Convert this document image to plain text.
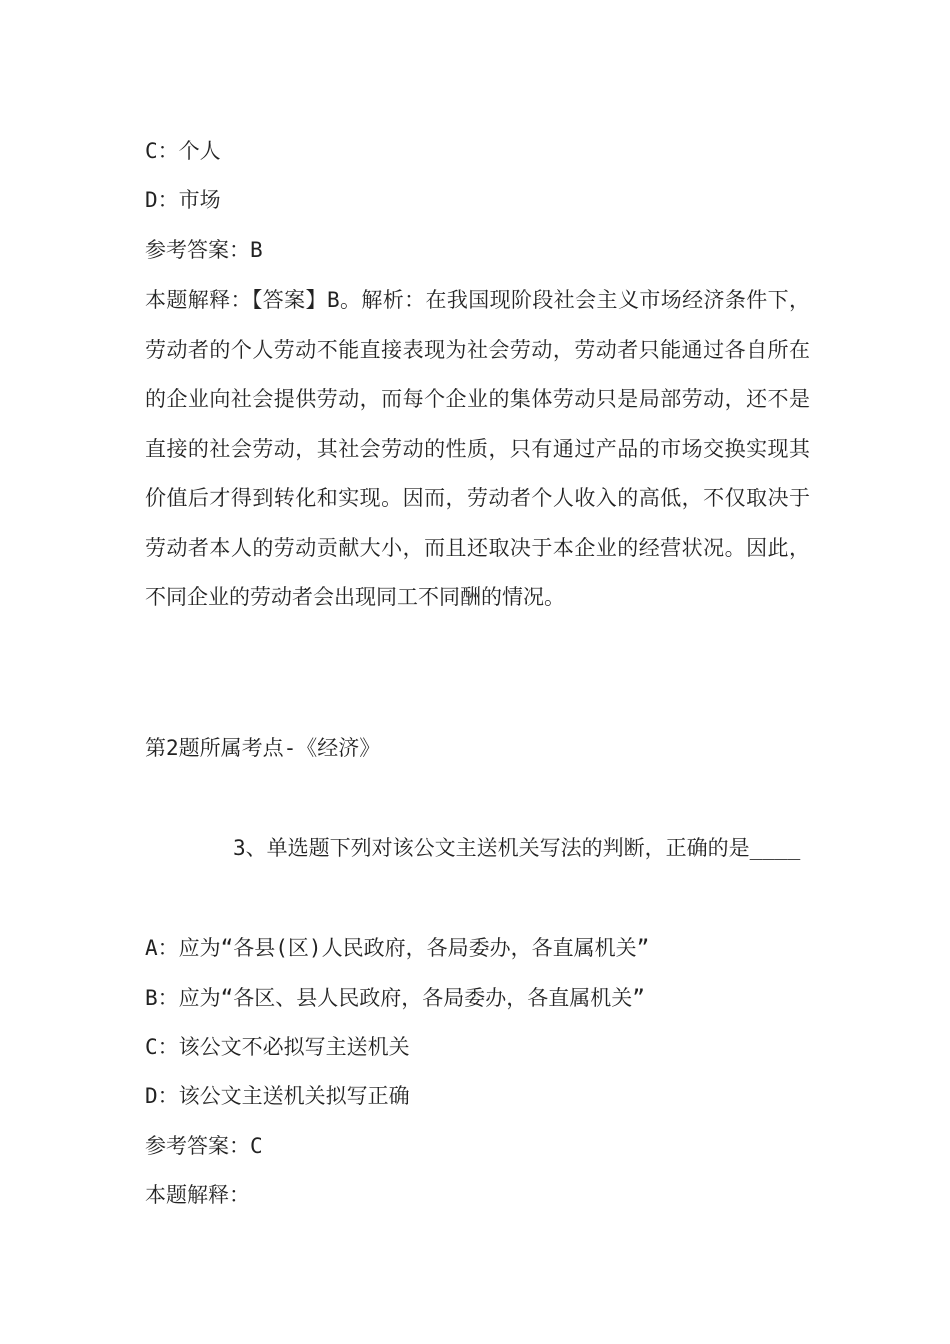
C：个人
D：市场
参考答案：B
本题解释：【答案】B。解析：在我国现阶段社会主义市场经济条件下，劳动者的个人劳动不能直接表现为社会劳动，劳动者只能通过各自所在的企业向社会提供劳动，而每个企业的集体劳动只是局部劳动，还不是直接的社会劳动，其社会劳动的性质，只有通过产品的市场交换实现其价值后才得到转化和实现。因而，劳动者个人收入的高低，不仅取决于劳动者本人的劳动贡献大小，而且还取决于本企业的经营状况。因此，不同企业的劳动者会出现同工不同酬的情况。
第2题所属考点-《经济》
3、单选题下列对该公文主送机关写法的判断，正确的是____
A：应为“各县(区)人民政府，各局委办，各直属机关”
B：应为“各区、县人民政府，各局委办，各直属机关”
C：该公文不必拟写主送机关
D：该公文主送机关拟写正确
参考答案：C
本题解释：
